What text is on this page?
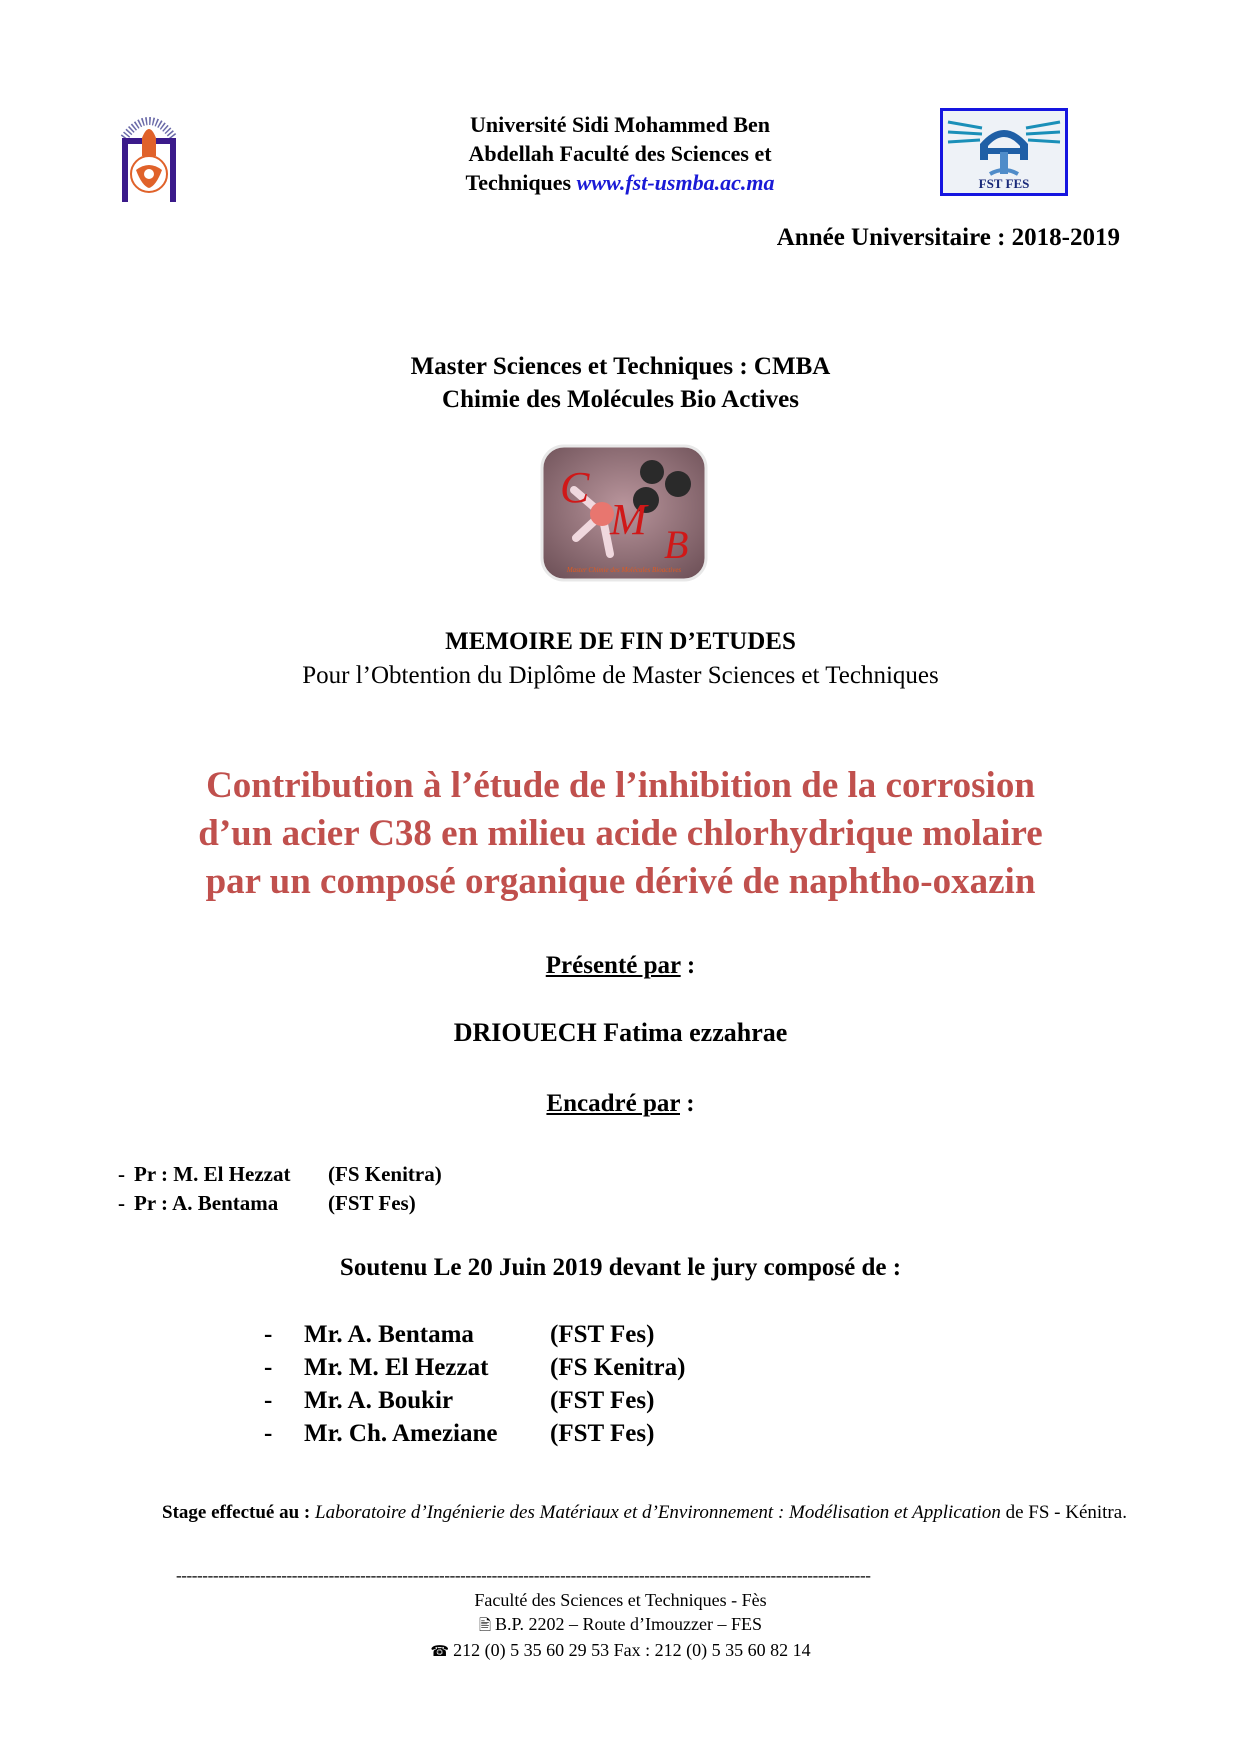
Université Sidi Mohammed Ben
Abdellah Faculté des Sciences et
Techniques www.fst-usmba.ac.ma	FST FES
Année Universitaire : 2018-2019
Master Sciences et Techniques : CMBA
Chimie des Molécules Bio Actives
C
M
B
Master Chimie des Molécules Bioactives
MEMOIRE DE FIN D’ETUDES
Pour l’Obtention du Diplôme de Master Sciences et Techniques
Contribution à l’étude de l’inhibition de la corrosion
d’un acier C38 en milieu acide chlorhydrique molaire
par un composé organique dérivé de naphtho-oxazin
Présenté par :
DRIOUECH Fatima ezzahrae
Encadré par :
- Pr : M. El Hezzat	(FS Kenitra)
- Pr : A. Bentama	(FST Fes)
Soutenu Le 20 Juin 2019 devant le jury composé de :
-	Mr. A. Bentama	(FST Fes)
-	Mr. M. El Hezzat	(FS Kenitra)
-	Mr. A. Boukir	(FST Fes)
-	Mr. Ch. Ameziane	(FST Fes)
Stage effectué au : Laboratoire d’Ingénierie des Matériaux et d’Environnement : Modélisation et Application de FS - Kénitra.
------------------------------------------------------------------------------------------------------------------------------------
Faculté des Sciences et Techniques - Fès
🖹 B.P. 2202 – Route d’Imouzzer – FES
☎ 212 (0) 5 35 60 29 53 Fax : 212 (0) 5 35 60 82 14
